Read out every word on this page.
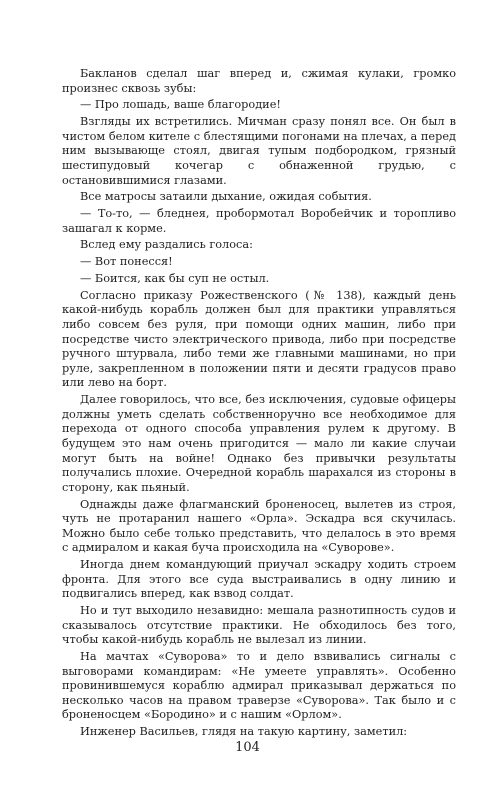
Бакланов сделал шаг вперед и, сжимая кулаки, громко произнес сквозь зубы:

— Про лошадь, ваше благородие!

Взгляды их встретились. Мичман сразу понял все. Он был в чистом белом кителе с блестящими погонами на плечах, а перед ним вызывающе стоял, двигая тупым подбородком, грязный шестипудовый кочегар с обнаженной грудью, с остановившимися глазами.

Все матросы затаили дыхание, ожидая события.

— То-то, — бледнея, пробормотал Воробейчик и торопливо зашагал к корме.

Вслед ему раздались голоса:

— Вот понесся!

— Боится, как бы суп не остыл.

Согласно приказу Рожественского (№ 138), каждый день какой-нибудь корабль должен был для практики управляться либо совсем без руля, при помощи одних машин, либо при посредстве чисто электрического привода, либо при посредстве ручного штурвала, либо теми же главными машинами, но при руле, закрепленном в положении пяти и десяти градусов право или лево на борт.

Далее говорилось, что все, без исключения, судовые офицеры должны уметь сделать собственноручно все необходимое для перехода от одного способа управления рулем к другому. В будущем это нам очень пригодится — мало ли какие случаи могут быть на войне! Однако без привычки результаты получались плохие. Очередной корабль шарахался из стороны в сторону, как пьяный.

Однажды даже флагманский броненосец, вылетев из строя, чуть не протаранил нашего «Орла». Эскадра вся скучилась. Можно было себе только представить, что делалось в это время с адмиралом и какая буча происходила на «Суворове».

Иногда днем командующий приучал эскадру ходить строем фронта. Для этого все суда выстраивались в одну линию и подвигались вперед, как взвод солдат.

Но и тут выходило незавидно: мешала разнотипность судов и сказывалось отсутствие практики. Не обходилось без того, чтобы какой-нибудь корабль не вылезал из линии.

На мачтах «Суворова» то и дело взвивались сигналы с выговорами командирам: «Не умеете управлять». Особенно провинившемуся кораблю адмирал приказывал держаться по несколько часов на правом траверзе «Суворова». Так было и с броненосцем «Бородино» и с нашим «Орлом».

Инженер Васильев, глядя на такую картину, заметил:

104
